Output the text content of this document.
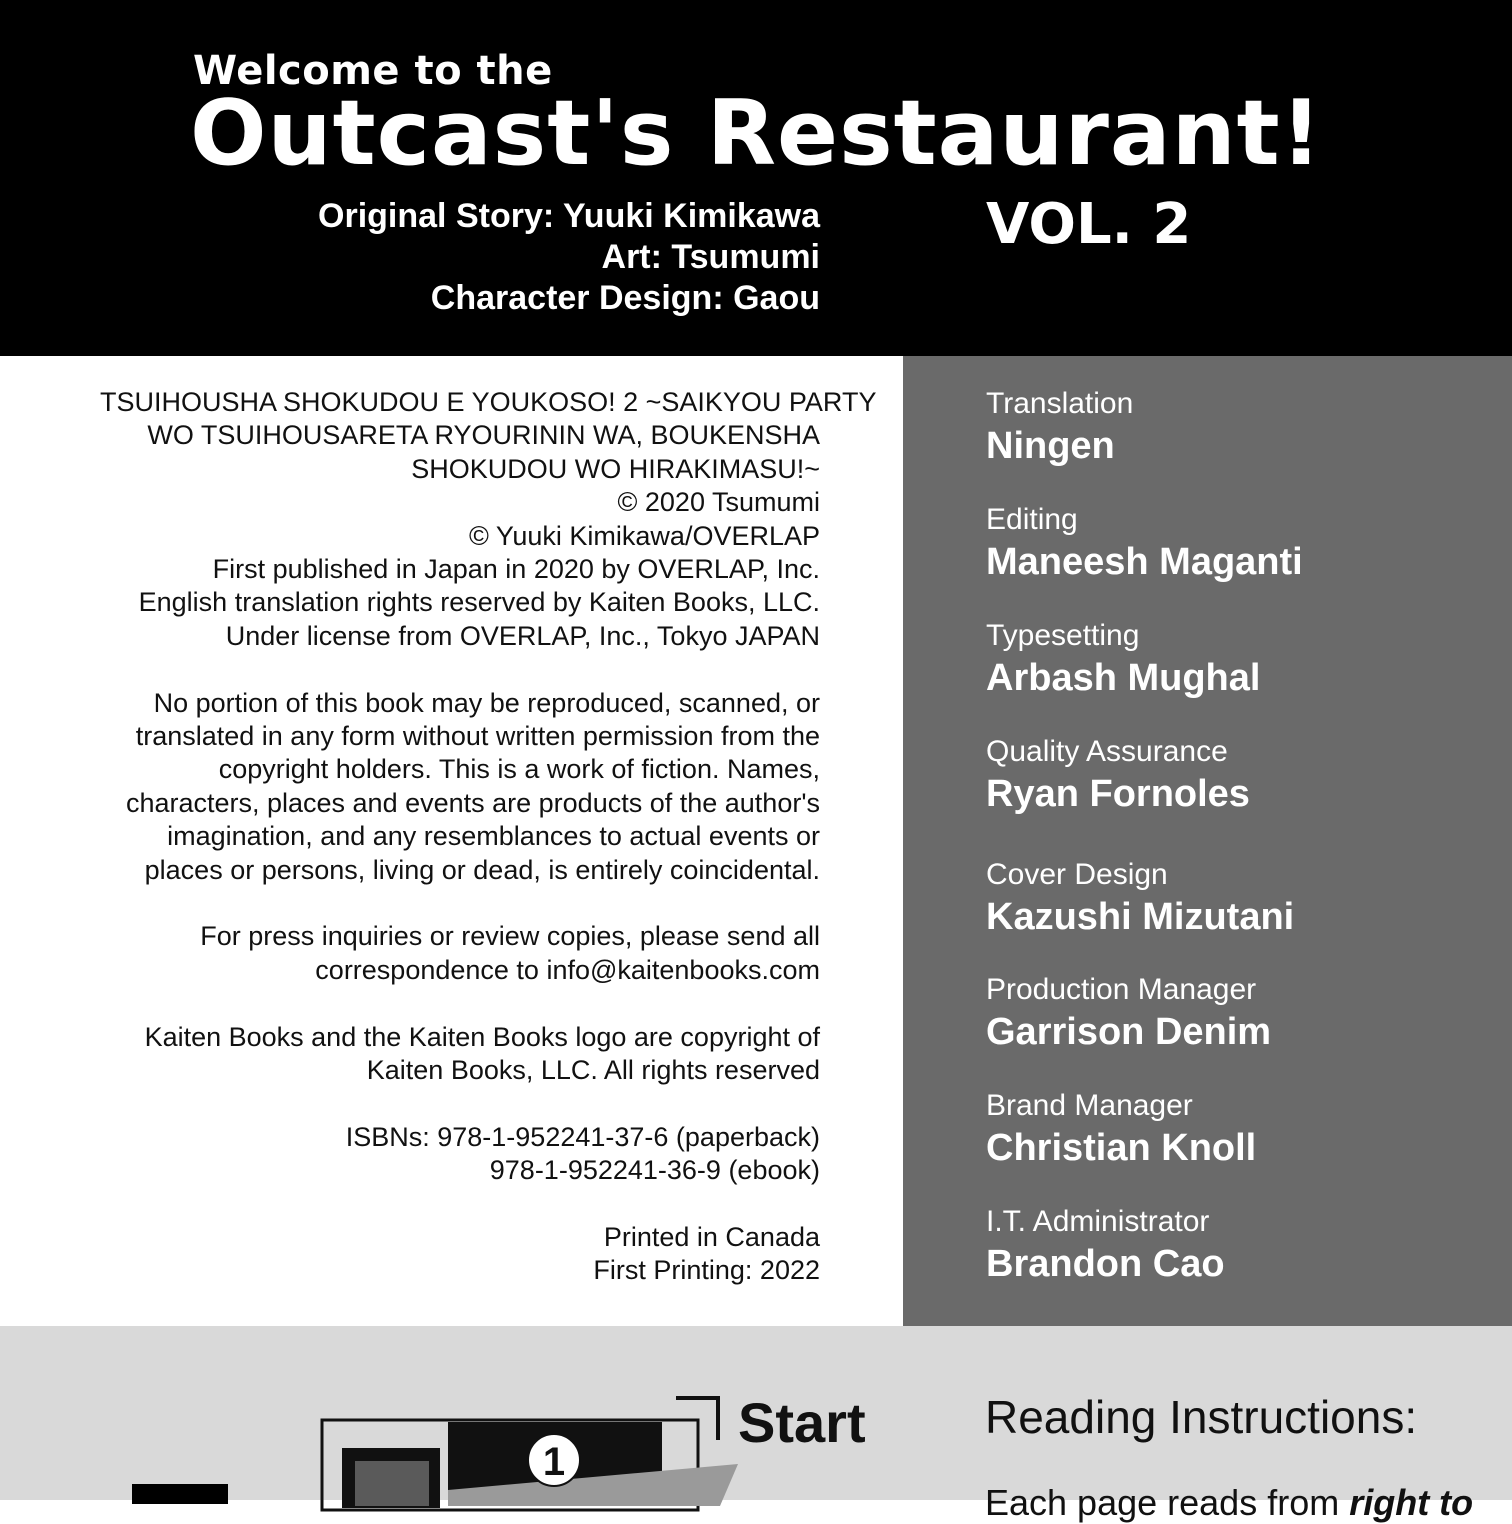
Welcome to the
Outcast's Restaurant!
Original Story: Yuuki Kimikawa
Art: Tsumumi
Character Design: Gaou
VOL. 2
TSUIHOUSHA SHOKUDOU E YOUKOSO! 2 ~SAIKYOU PARTY
WO TSUIHOUSARETA RYOURININ WA, BOUKENSHA
SHOKUDOU WO HIRAKIMASU!~
© 2020 Tsumumi
© Yuuki Kimikawa/OVERLAP
First published in Japan in 2020 by OVERLAP, Inc.
English translation rights reserved by Kaiten Books, LLC.
Under license from OVERLAP, Inc., Tokyo JAPAN
No portion of this book may be reproduced, scanned, or
translated in any form without written permission from the
copyright holders. This is a work of fiction. Names,
characters, places and events are products of the author's
imagination, and any resemblances to actual events or
places or persons, living or dead, is entirely coincidental.
For press inquiries or review copies, please send all
correspondence to info@kaitenbooks.com
Kaiten Books and the Kaiten Books logo are copyright of
Kaiten Books, LLC. All rights reserved
ISBNs: 978-1-952241-37-6 (paperback)
978-1-952241-36-9 (ebook)
Printed in Canada
First Printing: 2022
Translation
Ningen
Editing
Maneesh Maganti
Typesetting
Arbash Mughal
Quality Assurance
Ryan Fornoles
Cover Design
Kazushi Mizutani
Production Manager
Garrison Denim
Brand Manager
Christian Knoll
I.T. Administrator
Brandon Cao
1
Start	Reading Instructions:
Each page reads from right to
